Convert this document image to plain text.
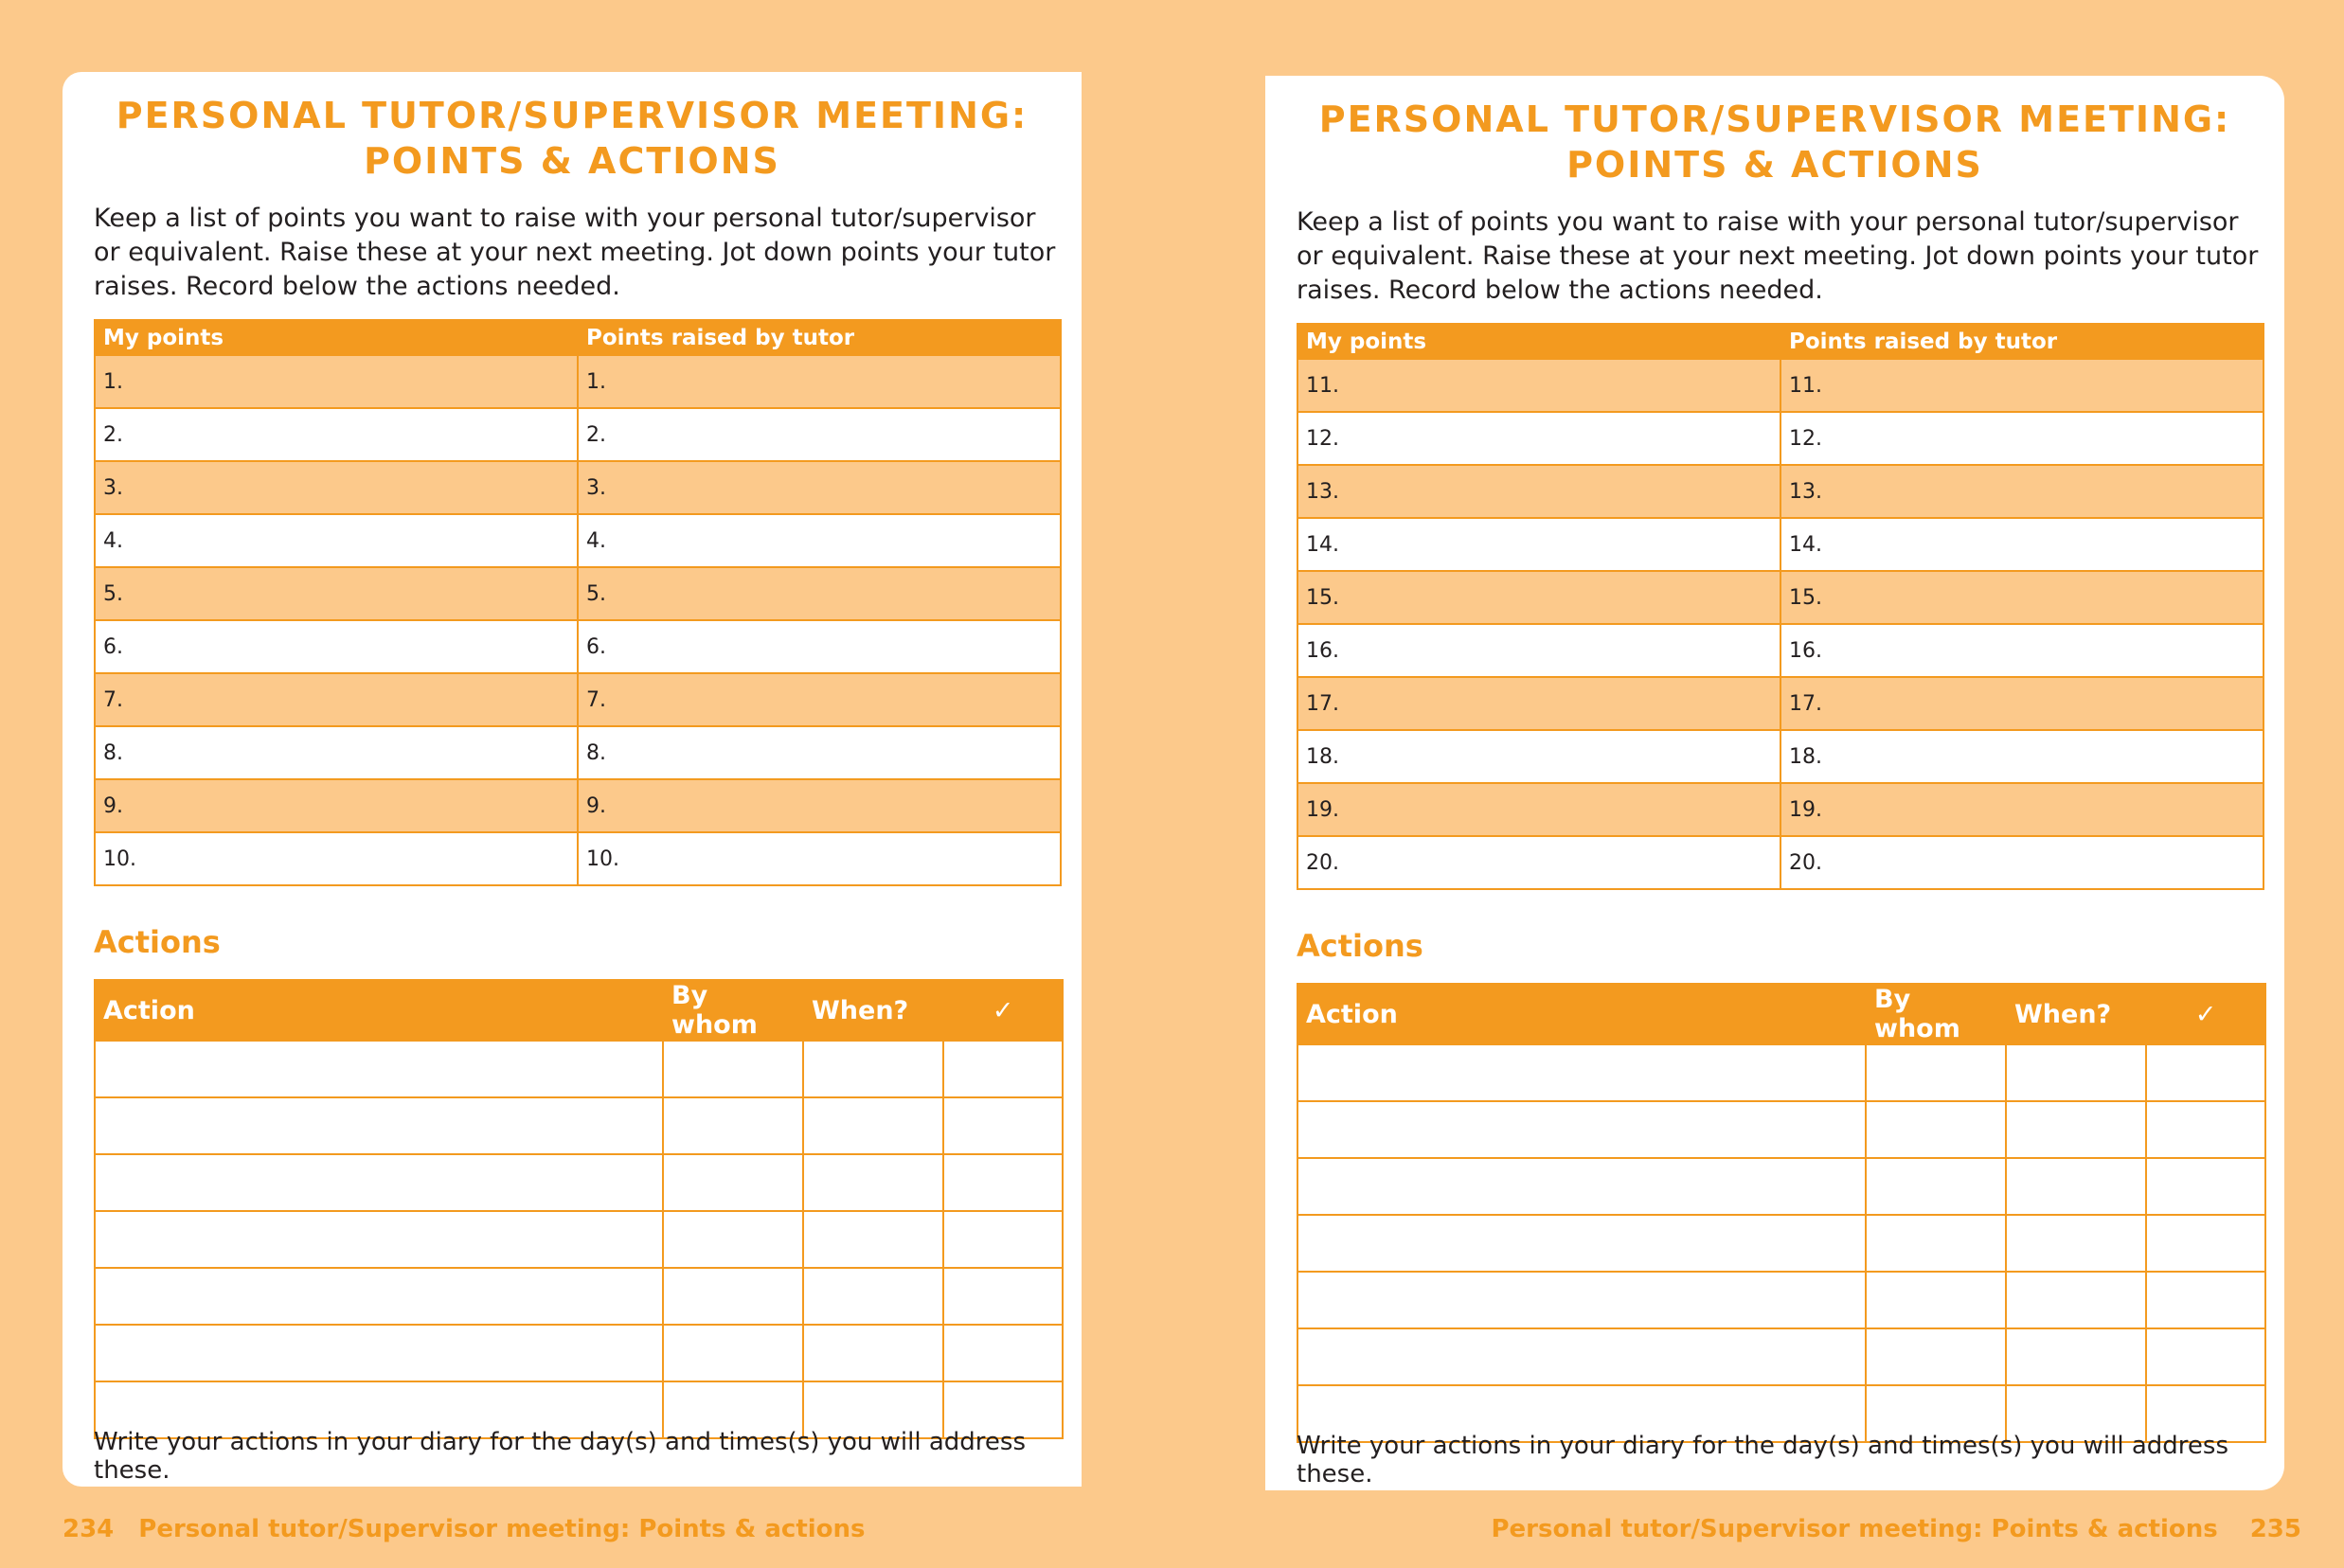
PERSONAL TUTOR/SUPERVISOR MEETING:
POINTS & ACTIONS
Keep a list of points you want to raise with your personal tutor/supervisor or equivalent. Raise these at your next meeting. Jot down points your tutor raises. Record below the actions needed.
My points	Points raised by tutor
1.	1.
2.	2.
3.	3.
4.	4.
5.	5.
6.	6.
7.	7.
8.	8.
9.	9.
10.	10.
Actions
Action	By whom	When?	✓

Write your actions in your diary for the day(s) and times(s) you will address these.
PERSONAL TUTOR/SUPERVISOR MEETING:
POINTS & ACTIONS
Keep a list of points you want to raise with your personal tutor/supervisor or equivalent. Raise these at your next meeting. Jot down points your tutor raises. Record below the actions needed.
My points	Points raised by tutor
11.	11.
12.	12.
13.	13.
14.	14.
15.	15.
16.	16.
17.	17.
18.	18.
19.	19.
20.	20.
Actions
Action	By whom	When?	✓

Write your actions in your diary for the day(s) and times(s) you will address these.
234 Personal tutor/Supervisor meeting: Points & actions	Personal tutor/Supervisor meeting: Points & actions 235
